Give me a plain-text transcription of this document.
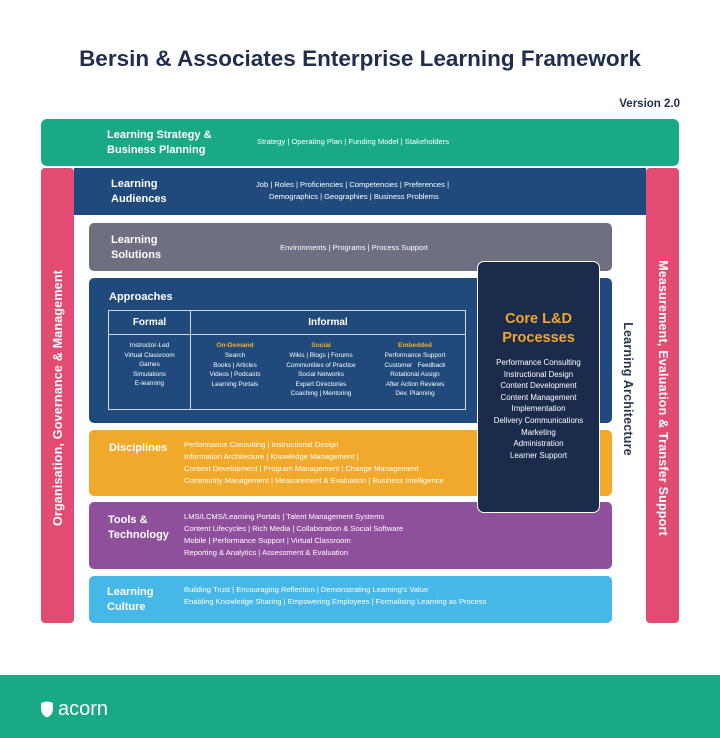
Bersin & Associates Enterprise Learning Framework
Version 2.0
Learning Strategy &
Business Planning
Strategy | Operating Plan | Funding Model | Stakeholders
Organisation, Governance & Management	Measurement, Evaluation & Transfer Support
Learning Architecture
Learning
Audiences
Job | Roles | Proficiencies | Competencies | Preferences |
Demographics | Geographies | Business Problems
Learning
Solutions
Environments | Programs | Process Support
Approaches
Formal	Informal
Instructor-Led
Virtual Classroom
Games
Simulations
E-learning
On-Demand
Search
Books | Articles
Videos | Podcasts
Learning Portals
Social
Wikis | Blogs | Forums
Communities of Practice
Social Networks
Expert Directories
Coaching | Mentoring
Embedded
Performance Support
Customer   Feedback
Rotational Assign
After Action Reviews
Dev. Planning
Disciplines Performance Consulting | Instructional Design
Information Architecture | Knowledge Management |
Content Development | Program Management | Change Management
Community Management | Measurement & Evaluation | Business Intelligence
Tools &
Technology
LMS/LCMS/Learning Portals | Talent Management Systems
Content Lifecycles | Rich Media | Collaboration & Social Software
Mobile | Performance Support | Virtual Classroom
Reporting & Analytics | Assessment & Evaluation
Learning
Culture
Building Trust | Encouraging Reflection | Demonstrating Learning's Value
Enabling Knowledge Sharing | Empowering Employees | Formalising Learning as Process
Core L&D
Processes
Performance Consulting
Instructional Design
Content Development
Content Management
Implementation
Delivery Communications
Marketing
Administration
Learner Support
acorn
